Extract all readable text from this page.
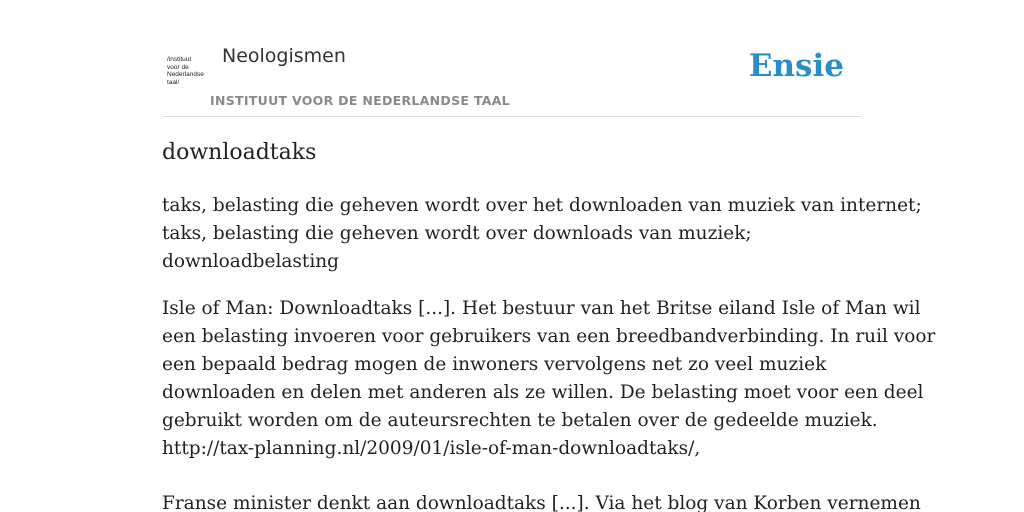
/instituut
voor de
Nederlandse
taal/
Neologismen
INSTITUUT VOOR DE NEDERLANDSE TAAL
Ensie
downloadtaks

taks, belasting die geheven wordt over het downloaden van muziek van internet;
taks, belasting die geheven wordt over downloads van muziek;
downloadbelasting

Isle of Man: Downloadtaks [...]. Het bestuur van het Britse eiland Isle of Man wil
een belasting invoeren voor gebruikers van een breedbandverbinding. In ruil voor
een bepaald bedrag mogen de inwoners vervolgens net zo veel muziek
downloaden en delen met anderen als ze willen. De belasting moet voor een deel
gebruikt worden om de auteursrechten te betalen over de gedeelde muziek.
http://tax-planning.nl/2009/01/isle-of-man-downloadtaks/,

Franse minister denkt aan downloadtaks [...]. Via het blog van Korben vernemen
